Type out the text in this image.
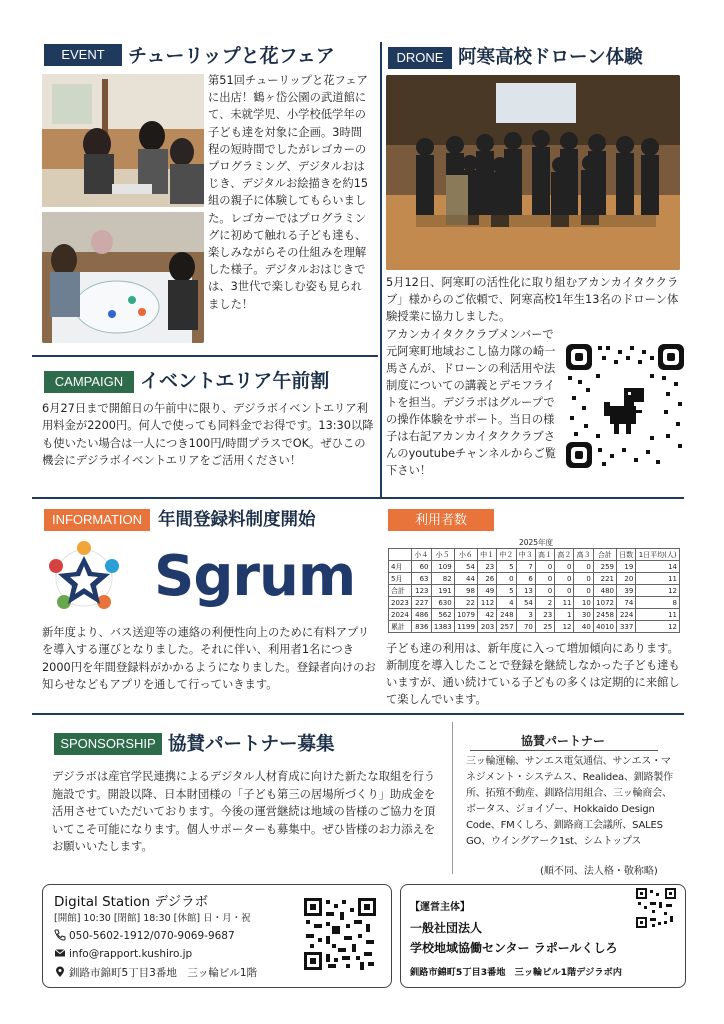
EVENT	チューリップと花フェア
第51回チューリップと花フェアに出店！鶴ヶ岱公園の武道館にて、未就学児、小学校低学年の子ども達を対象に企画。3時間程の短時間でしたがレゴカーのプログラミング、デジタルおはじき、デジタルお絵描きを約15組の親子に体験してもらいました。レゴカーではプログラミングに初めて触れる子ども達も、楽しみながらその仕組みを理解した様子。デジタルおはじきでは、3世代で楽しむ姿も見られました！
DRONE 阿寒高校ドローン体験
5月12日、阿寒町の活性化に取り組むアカンカイタククラブ」様からのご依頼で、阿寒高校1年生13名のドローン体験授業に協力しました。
アカンカイタククラブメンバーで元阿寒町地域おこし協力隊の崎一馬さんが、ドローンの利活用や法制度についての講義とデモフライトを担当。デジラボはグループでの操作体験をサポート。当日の様子は右記アカンカイタククラブさんのyoutubeチャンネルからご覧下さい！
CAMPAIGN イベントエリア午前割
6月27日まで開館日の午前中に限り、デジラボイベントエリア利用料金が2200円。何人で使っても同料金でお得です。13:30以降も使いたい場合は一人につき100円/時間プラスでOK。ぜひこの機会にデジラボイベントエリアをご活用ください！
INFORMATION 年間登録料制度開始
Sgrum
新年度より、バス送迎等の連絡の利便性向上のために有料アプリを導入する運びとなりました。それに伴い、利用者1名につき2000円を年間登録料がかかるようになりました。登録者向けのお知らせなどもアプリを通して行っていきます。
利用者数
2025年度
	小４	小５	小６	中１	中２	中３	高１	高２	高３	合計	日数	1日平均(人)
4月	60	109	54	23	5	7	0	0	0	259	19	14
5月	63	82	44	26	0	6	0	0	0	221	20	11
合計	123	191	98	49	5	13	0	0	0	480	39	12
2023	227	630	22	112	4	54	2	11	10	1072	74	8
2024	486	562	1079	42	248	3	23	1	30	2458	224	11
累計	836	1383	1199	203	257	70	25	12	40	4010	337	12
子ども達の利用は、新年度に入って増加傾向にあります。新制度を導入したことで登録を継続しなかった子ども達もいますが、通い続けている子どもの多くは定期的に来館して楽しんでいます。
SPONSORSHIP 協賛パートナー募集
デジラボは産官学民連携によるデジタル人材育成に向けた新たな取組を行う施設です。開設以降、日本財団様の「子ども第三の居場所づくり」助成金を活用させていただいております。今後の運営継続は地域の皆様のご協力を頂いてこそ可能になります。個人サポーターも募集中。ぜひ皆様のお力添えをお願いいたします。
協賛パートナー
三ッ輪運輸、サンエス電気通信、サンエス・マネジメント・システムス、Realidea、釧路製作所、拓殖不動産、釧路信用組合、三ッ輪商会、ボータス、ジョイゾー、Hokkaido Design Code、FMくしろ、釧路商工会議所、SALES GO、ウイングアーク1st、シムトップス
(順不同、法人格・敬称略)
Digital Station デジラボ
[開館] 10:30 [閉館] 18:30 [休館] 日・月・祝
050-5602-1912/070-9069-9687
info@rapport.kushiro.jp
釧路市錦町5丁目3番地　三ッ輪ビル1階
【運営主体】
一般社団法人
学校地域協働センター ラポールくしろ
釧路市錦町5丁目3番地　三ッ輪ビル1階デジラボ内
